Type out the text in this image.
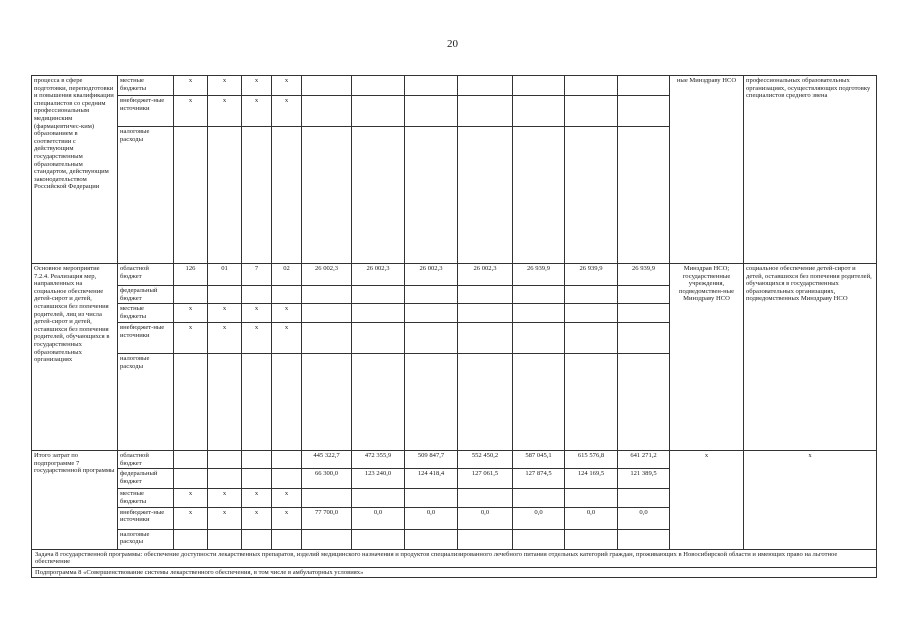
20
процесса в сфере подготовки, переподготовки и повышения квалификации специалистов со средним профессиональным медицинским (фармацевтичес-ким) образованием в соответствии с действующим государственным образовательным стандартом, действующим законодательством Российской Федерации	местные бюджеты	x	x	x	x								ные Минздраву НСО	профессиональных образовательных организациях, осуществляющих подготовку специалистов среднего звена
	внебюджет-ные источники	x	x	x	x									
	налоговые расходы													
Основное мероприятие 7.2.4. Реализация мер, направленных на социальное обеспечение детей-сирот и детей, оставшихся без попечения родителей, лиц из числа детей-сирот и детей, оставшихся без попечения родителей, обучающихся в государственных образовательных организациях	областной бюджет	126	01	7	02	26 002,3	26 002,3	26 002,3	26 002,3	26 939,9	26 939,9	26 939,9	Минздрав НСО; государственные учреждения, подведомствен-ные Минздраву НСО	социальное обеспечение детей-сирот и детей, оставшихся без попечения родителей, обучающихся в государственных образовательных организациях, подведомственных Минздраву НСО
	федеральный бюджет													
	местные бюджеты	x	x	x	x									
	внебюджет-ные источники	x	x	x	x									
	налоговые расходы													
Итого затрат по подпрограмме 7 государственной программы	областной бюджет					445 322,7	472 355,9	509 847,7	552 450,2	587 045,1	615 576,8	641 271,2	x	x
	федеральный бюджет					66 300,0	123 240,0	124 418,4	127 061,5	127 874,5	124 169,5	121 389,5		
	местные бюджеты	x	x	x	x									
	внебюджет-ные источники	x	x	x	x	77 700,0	0,0	0,0	0,0	0,0	0,0	0,0		
	налоговые расходы													
Задача 8 государственной программы: обеспечение доступности лекарственных препаратов, изделий медицинского назначения и продуктов специализированного лечебного питания отдельных категорий граждан, проживающих в Новосибирской области и имеющих право на льготное обеспечение														
Подпрограмма 8 «Совершенствование системы лекарственного обеспечения, в том числе в амбулаторных условиях»														
